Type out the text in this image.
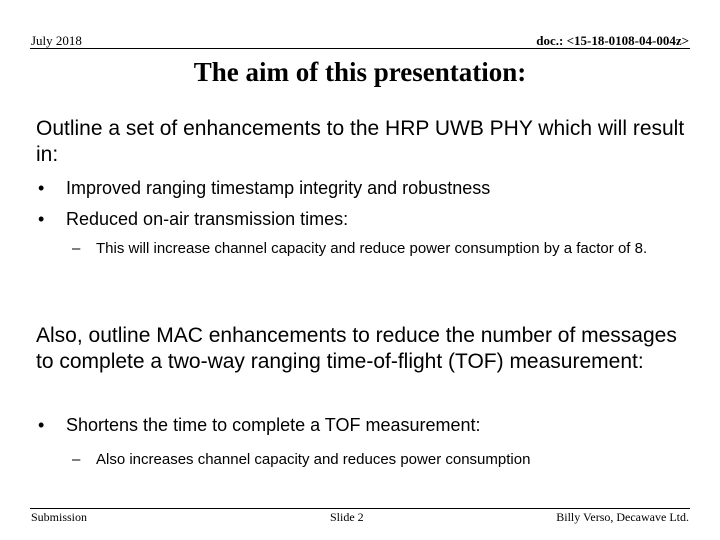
July 2018	doc.: <15-18-0108-04-004z>
The aim of this presentation:
Outline a set of enhancements to the HRP UWB PHY which will result in:
•	Improved ranging timestamp integrity and robustness
•	Reduced on-air transmission times:
–	This will increase channel capacity and reduce power consumption by a factor of 8.
Also, outline MAC enhancements to reduce the number of messages to complete a two-way ranging time-of-flight (TOF) measurement:
•	Shortens the time to complete a TOF measurement:
–	Also increases channel capacity and reduces power consumption
Submission	Slide 2	Billy Verso, Decawave Ltd.
